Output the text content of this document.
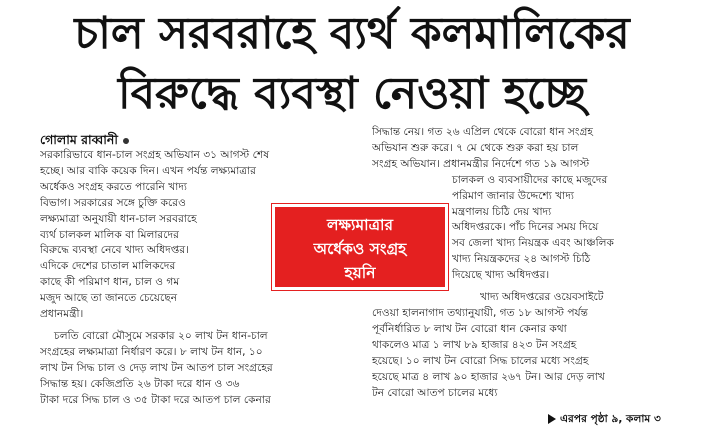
চাল সরবরাহে ব্যর্থ কলমালিকের
বিরুদ্ধে ব্যবস্থা নেওয়া হচ্ছে
গোলাম রাব্বানী

সরকারিভাবে ধান-চাল সংগ্রহ অভিযান ৩১ আগস্ট শেষ
হচ্ছে। আর বাকি কয়েক দিন। এখন পর্যন্ত লক্ষ্যমাত্রার
অর্ধেকও সংগ্রহ করতে পারেনি খাদ্য
বিভাগ। সরকারের সঙ্গে চুক্তি করেও
লক্ষ্যমাত্রা অনুযায়ী ধান-চাল সরবরাহে
ব্যর্থ চালকল মালিক বা মিলারদের
বিরুদ্ধে ব্যবস্থা নেবে খাদ্য অধিদপ্তর।
এদিকে দেশের চাতাল মালিকদের
কাছে কী পরিমাণ ধান, চাল ও গম
মজুদ আছে তা জানতে চেয়েছেন
প্রধানমন্ত্রী।

চলতি বোরো মৌসুমে সরকার ২০ লাখ টন ধান-চাল
সংগ্রহের লক্ষ্যমাত্রা নির্ধারণ করে। ৮ লাখ টন ধান, ১০
লাখ টন সিদ্ধ চাল ও দেড় লাখ টন আতপ চাল সংগ্রহের
সিদ্ধান্ত হয়। কেজিপ্রতি ২৬ টাকা দরে ধান ও ৩৬
টাকা দরে সিদ্ধ চাল ও ৩৫ টাকা দরে আতপ চাল কেনার

সিদ্ধান্ত নেয়। গত ২৬ এপ্রিল থেকে বোরো ধান সংগ্রহ
অভিযান শুরু করে। ৭ মে থেকে শুরু করা হয় চাল
সংগ্রহ অভিযান। প্রধানমন্ত্রীর নির্দেশে গত ১৯ আগস্ট
চালকল ও ব্যবসায়ীদের কাছে মজুদের
পরিমাণ জানার উদ্দেশ্যে খাদ্য
মন্ত্রণালয় চিঠি দেয় খাদ্য
অধিদপ্তরকে। পাঁচ দিনের সময় দিয়ে
সব জেলা খাদ্য নিয়ন্ত্রক এবং আঞ্চলিক
খাদ্য নিয়ন্ত্রকদের ২৪ আগস্ট চিঠি
দিয়েছে খাদ্য অধিদপ্তর।

খাদ্য অধিদপ্তরের ওয়েবসাইটে
দেওয়া হালনাগাদ তথ্যানুযায়ী, গত ১৮ আগস্ট পর্যন্ত
পূর্বনির্ধারিত ৮ লাখ টন বোরো ধান কেনার কথা
থাকলেও মাত্র ১ লাখ ৮৯ হাজার ৪২৩ টন সংগ্রহ
হয়েছে। ১০ লাখ টন বোরো সিদ্ধ চালের মধ্যে সংগ্রহ
হয়েছে মাত্র ৪ লাখ ৯০ হাজার ২৬৭ টন। আর দেড় লাখ
টন বোরো আতপ চালের মধ্যে

লক্ষ্যমাত্রার
অর্ধেকও সংগ্রহ
হয়নি
এরপর পৃষ্ঠা ৯, কলাম ৩
